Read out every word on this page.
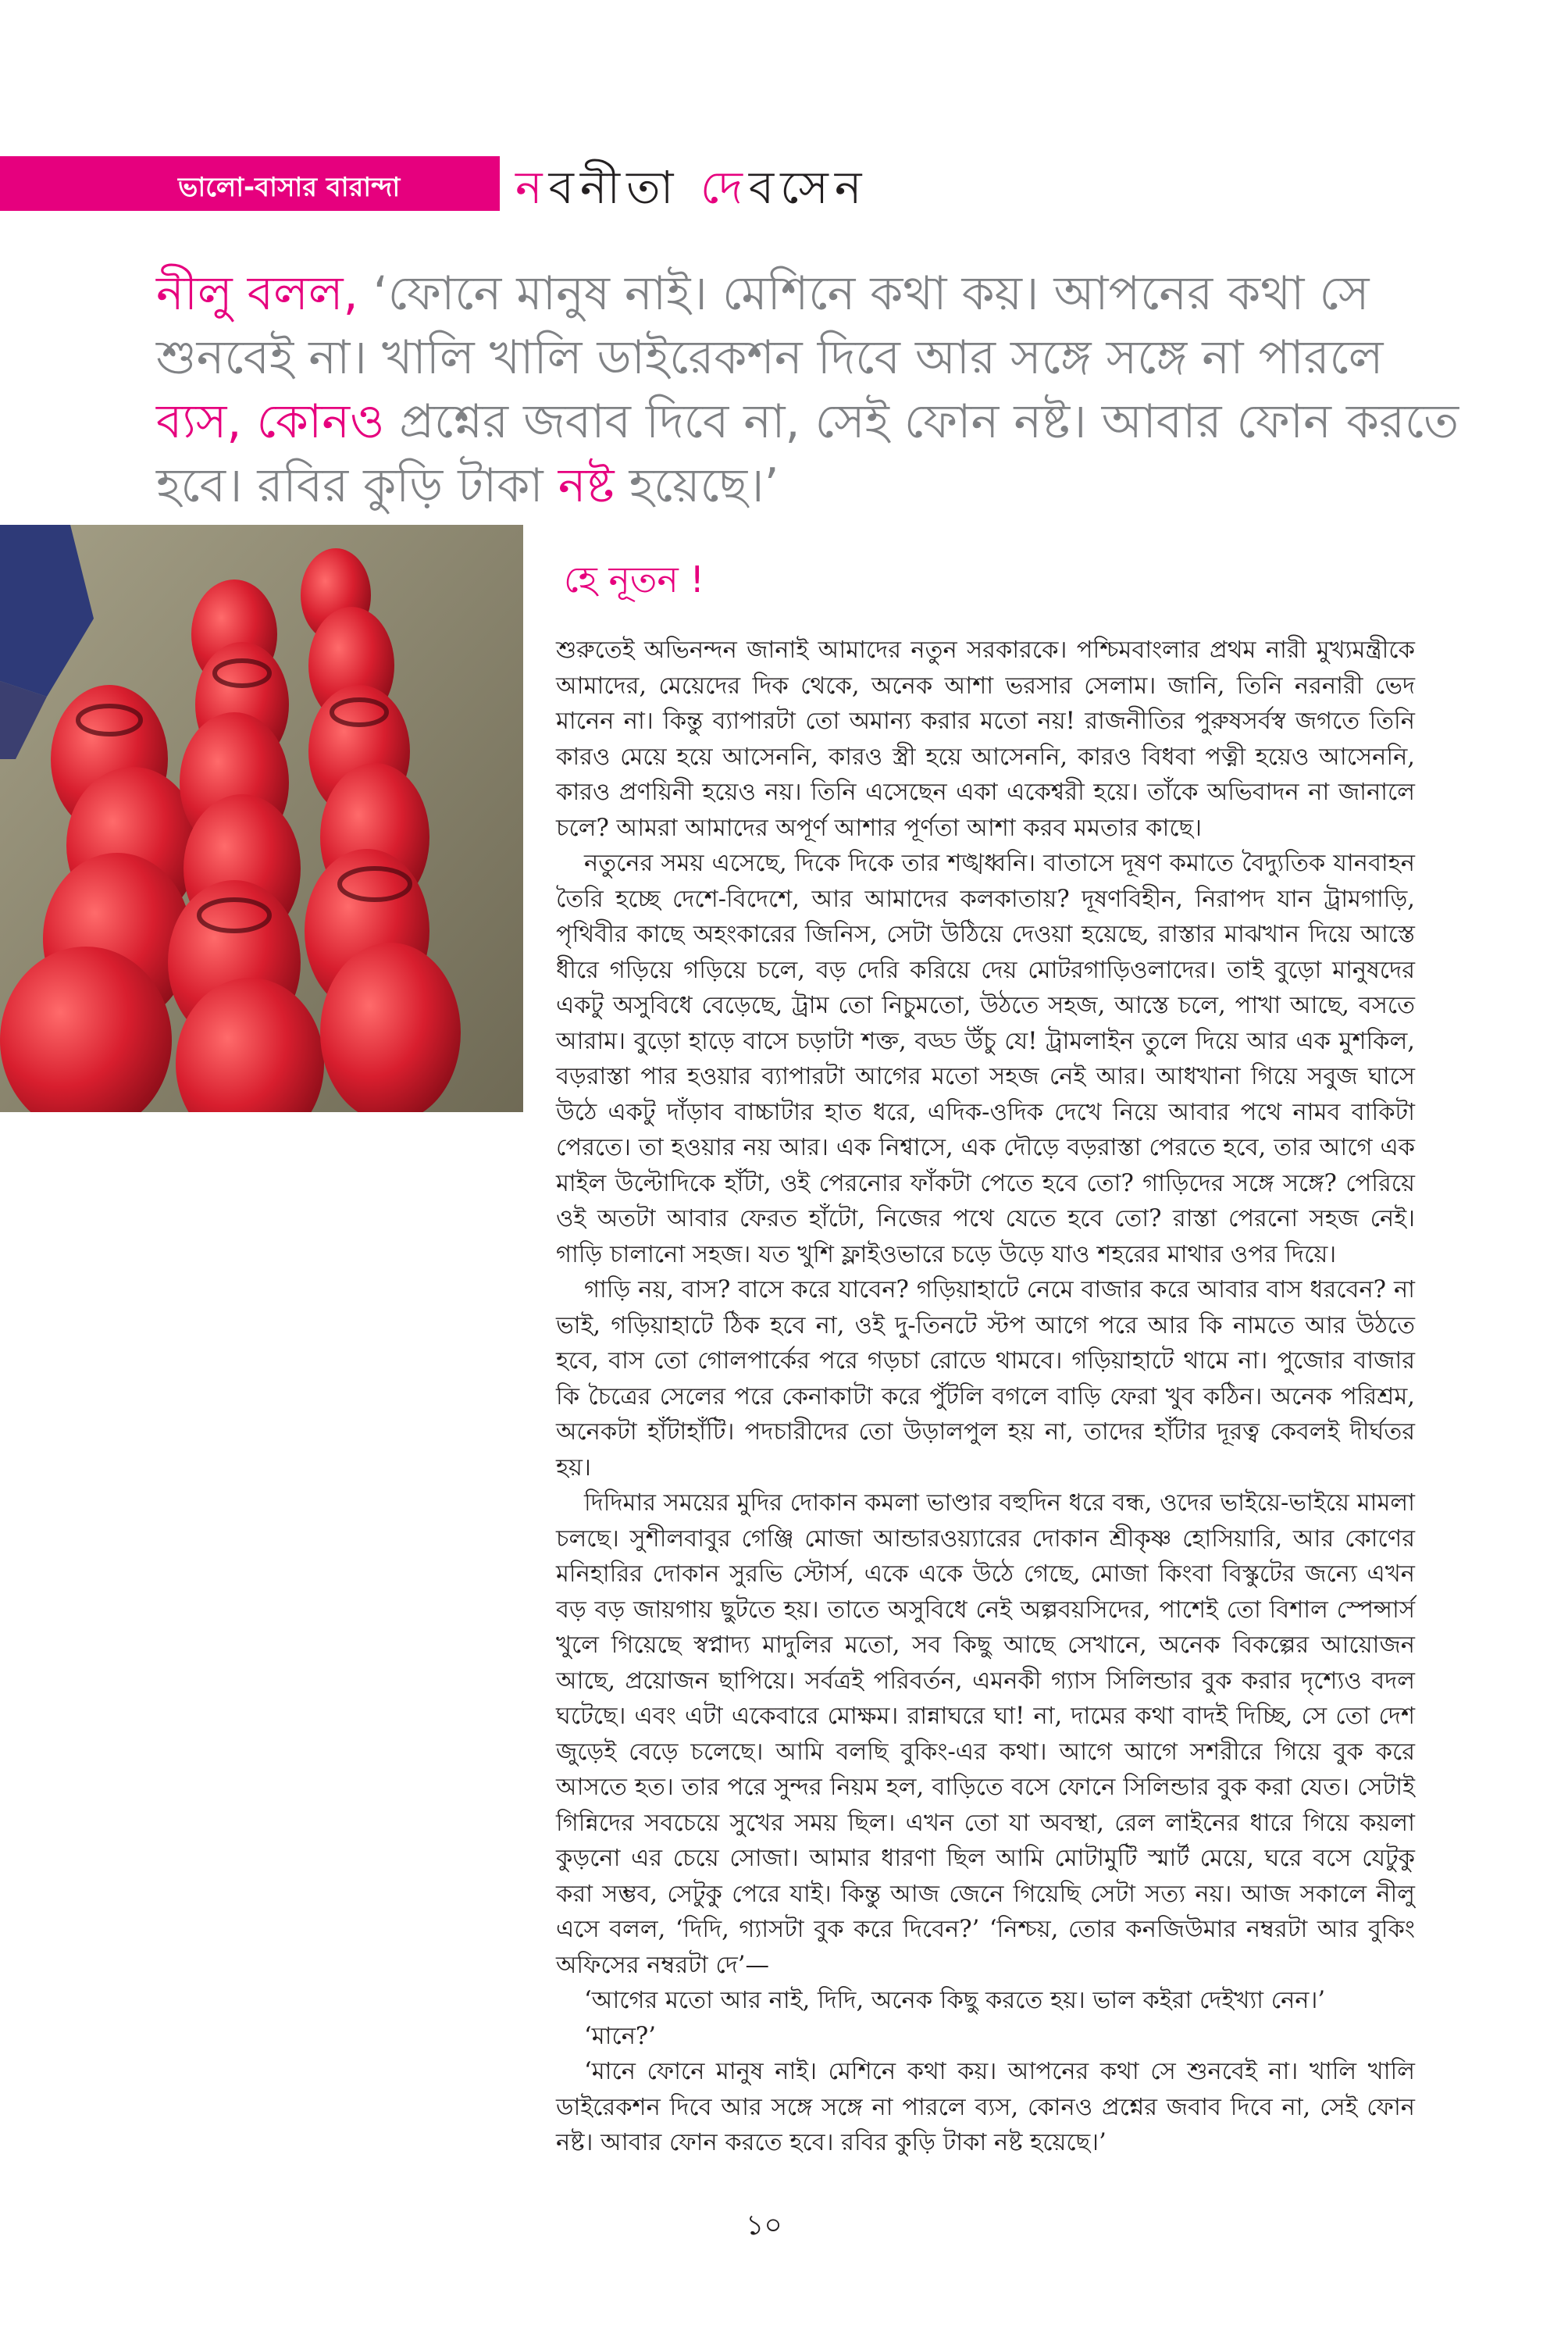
ভালো-বাসার বারান্দা	নবনীতা দেবসেন
নীলু বলল, ‘ফোনে মানুষ নাই। মেশিনে কথা কয়। আপনের কথা সে শুনবেই না। খালি খালি ডাইরেকশন দিবে আর সঙ্গে সঙ্গে না পারলে ব্যস, কোনও প্রশ্নের জবাব দিবে না, সেই ফোন নষ্ট। আবার ফোন করতে হবে। রবির কুড়ি টাকা নষ্ট হয়েছে।’
হে নূতন !

শুরুতেই অভিনন্দন জানাই আমাদের নতুন সরকারকে। পশ্চিমবাংলার প্রথম নারী মুখ্যমন্ত্রীকে আমাদের, মেয়েদের দিক থেকে, অনেক আশা ভরসার সেলাম। জানি, তিনি নরনারী ভেদ মানেন না। কিন্তু ব্যাপারটা তো অমান্য করার মতো নয়! রাজনীতির পুরুষসর্বস্ব জগতে তিনি কারও মেয়ে হয়ে আসেননি, কারও স্ত্রী হয়ে আসেননি, কারও বিধবা পত্নী হয়েও আসেননি, কারও প্রণয়িনী হয়েও নয়। তিনি এসেছেন একা একেশ্বরী হয়ে। তাঁকে অভিবাদন না জানালে চলে? আমরা আমাদের অপূর্ণ আশার পূর্ণতা আশা করব মমতার কাছে।

নতুনের সময় এসেছে, দিকে দিকে তার শঙ্খধ্বনি। বাতাসে দূষণ কমাতে বৈদ্যুতিক যানবাহন তৈরি হচ্ছে দেশে-বিদেশে, আর আমাদের কলকাতায়? দূষণবিহীন, নিরাপদ যান ট্রামগাড়ি, পৃথিবীর কাছে অহংকারের জিনিস, সেটা উঠিয়ে দেওয়া হয়েছে, রাস্তার মাঝখান দিয়ে আস্তে ধীরে গড়িয়ে গড়িয়ে চলে, বড় দেরি করিয়ে দেয় মোটরগাড়িওলাদের। তাই বুড়ো মানুষদের একটু অসুবিধে বেড়েছে, ট্রাম তো নিচুমতো, উঠতে সহজ, আস্তে চলে, পাখা আছে, বসতে আরাম। বুড়ো হাড়ে বাসে চড়াটা শক্ত, বড্ড উঁচু যে! ট্রামলাইন তুলে দিয়ে আর এক মুশকিল, বড়রাস্তা পার হওয়ার ব্যাপারটা আগের মতো সহজ নেই আর। আধখানা গিয়ে সবুজ ঘাসে উঠে একটু দাঁড়াব বাচ্চাটার হাত ধরে, এদিক-ওদিক দেখে নিয়ে আবার পথে নামব বাকিটা পেরতে। তা হওয়ার নয় আর। এক নিশ্বাসে, এক দৌড়ে বড়রাস্তা পেরতে হবে, তার আগে এক মাইল উল্টোদিকে হাঁটা, ওই পেরনোর ফাঁকটা পেতে হবে তো? গাড়িদের সঙ্গে সঙ্গে? পেরিয়ে ওই অতটা আবার ফেরত হাঁটো, নিজের পথে যেতে হবে তো? রাস্তা পেরনো সহজ নেই। গাড়ি চালানো সহজ। যত খুশি ফ্লাইওভারে চড়ে উড়ে যাও শহরের মাথার ওপর দিয়ে।

গাড়ি নয়, বাস? বাসে করে যাবেন? গড়িয়াহাটে নেমে বাজার করে আবার বাস ধরবেন? না ভাই, গড়িয়াহাটে ঠিক হবে না, ওই দু-তিনটে স্টপ আগে পরে আর কি নামতে আর উঠতে হবে, বাস তো গোলপার্কের পরে গড়চা রোডে থামবে। গড়িয়াহাটে থামে না। পুজোর বাজার কি চৈত্রের সেলের পরে কেনাকাটা করে পুঁটলি বগলে বাড়ি ফেরা খুব কঠিন। অনেক পরিশ্রম, অনেকটা হাঁটাহাঁটি। পদচারীদের তো উড়ালপুল হয় না, তাদের হাঁটার দূরত্ব কেবলই দীর্ঘতর হয়।

দিদিমার সময়ের মুদির দোকান কমলা ভাণ্ডার বহুদিন ধরে বন্ধ, ওদের ভাইয়ে-ভাইয়ে মামলা চলছে। সুশীলবাবুর গেঞ্জি মোজা আন্ডারওয়্যারের দোকান শ্রীকৃষ্ণ হোসিয়ারি, আর কোণের মনিহারির দোকান সুরভি স্টোর্স, একে একে উঠে গেছে, মোজা কিংবা বিস্কুটের জন্যে এখন বড় বড় জায়গায় ছুটতে হয়। তাতে অসুবিধে নেই অল্পবয়সিদের, পাশেই তো বিশাল স্পেন্সার্স খুলে গিয়েছে স্বপ্নাদ্য মাদুলির মতো, সব কিছু আছে সেখানে, অনেক বিকল্পের আয়োজন আছে, প্রয়োজন ছাপিয়ে। সর্বত্রই পরিবর্তন, এমনকী গ্যাস সিলিন্ডার বুক করার দৃশ্যেও বদল ঘটেছে। এবং এটা একেবারে মোক্ষম। রান্নাঘরে ঘা! না, দামের কথা বাদই দিচ্ছি, সে তো দেশ জুড়েই বেড়ে চলেছে। আমি বলছি বুকিং-এর কথা। আগে আগে সশরীরে গিয়ে বুক করে আসতে হত। তার পরে সুন্দর নিয়ম হল, বাড়িতে বসে ফোনে সিলিন্ডার বুক করা যেত। সেটাই গিন্নিদের সবচেয়ে সুখের সময় ছিল। এখন তো যা অবস্থা, রেল লাইনের ধারে গিয়ে কয়লা কুড়নো এর চেয়ে সোজা। আমার ধারণা ছিল আমি মোটামুটি স্মার্ট মেয়ে, ঘরে বসে যেটুকু করা সম্ভব, সেটুকু পেরে যাই। কিন্তু আজ জেনে গিয়েছি সেটা সত্য নয়। আজ সকালে নীলু এসে বলল, ‘দিদি, গ্যাসটা বুক করে দিবেন?’ ‘নিশ্চয়, তোর কনজিউমার নম্বরটা আর বুকিং অফিসের নম্বরটা দে’—

‘আগের মতো আর নাই, দিদি, অনেক কিছু করতে হয়। ভাল কইরা দেইখ্যা নেন।’

‘মানে?’

‘মানে ফোনে মানুষ নাই। মেশিনে কথা কয়। আপনের কথা সে শুনবেই না। খালি খালি ডাইরেকশন দিবে আর সঙ্গে সঙ্গে না পারলে ব্যস, কোনও প্রশ্নের জবাব দিবে না, সেই ফোন নষ্ট। আবার ফোন করতে হবে। রবির কুড়ি টাকা নষ্ট হয়েছে।’

১০
